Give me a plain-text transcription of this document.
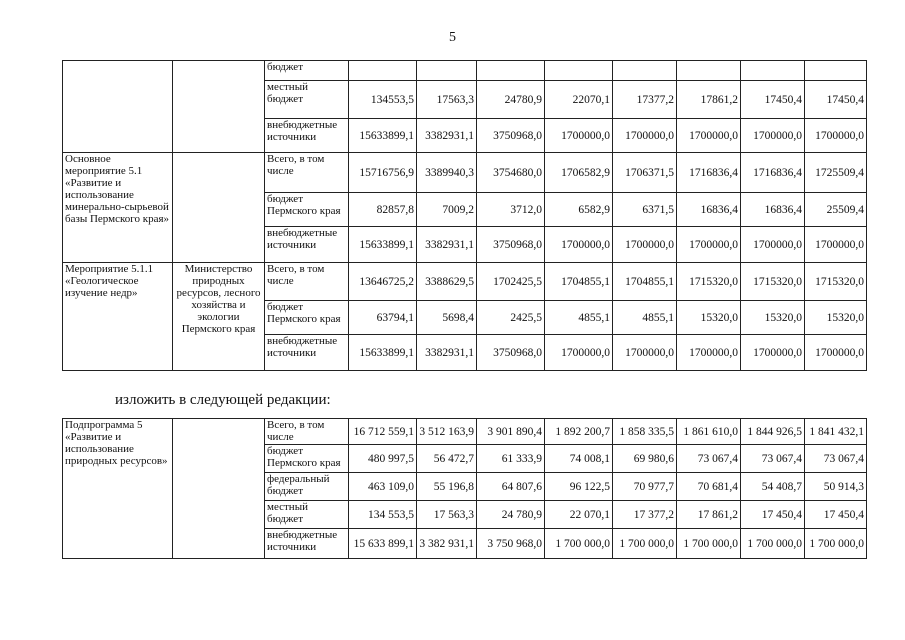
5
		бюджет								
		местный бюджет	134553,5	17563,3	24780,9	22070,1	17377,2	17861,2	17450,4	17450,4
		внебюджетные источники	15633899,1	3382931,1	3750968,0	1700000,0	1700000,0	1700000,0	1700000,0	1700000,0
Основное мероприятие 5.1 «Развитие и использование минерально-сырьевой базы Пермского края»		Всего, в том числе	15716756,9	3389940,3	3754680,0	1706582,9	1706371,5	1716836,4	1716836,4	1725509,4
		бюджет Пермского края	82857,8	7009,2	3712,0	6582,9	6371,5	16836,4	16836,4	25509,4
		внебюджетные источники	15633899,1	3382931,1	3750968,0	1700000,0	1700000,0	1700000,0	1700000,0	1700000,0
Мероприятие 5.1.1 «Геологическое изучение недр»	Министерство природных ресурсов, лесного хозяйства и экологии Пермского края	Всего, в том числе	13646725,2	3388629,5	1702425,5	1704855,1	1704855,1	1715320,0	1715320,0	1715320,0
		бюджет Пермского края	63794,1	5698,4	2425,5	4855,1	4855,1	15320,0	15320,0	15320,0
		внебюджетные источники	15633899,1	3382931,1	3750968,0	1700000,0	1700000,0	1700000,0	1700000,0	1700000,0
изложить в следующей редакции:
Подпрограмма 5 «Развитие и использование природных ресурсов»		Всего, в том числе	16 712 559,1	3 512 163,9	3 901 890,4	1 892 200,7	1 858 335,5	1 861 610,0	1 844 926,5	1 841 432,1
		бюджет Пермского края	480 997,5	56 472,7	61 333,9	74 008,1	69 980,6	73 067,4	73 067,4	73 067,4
		федеральный бюджет	463 109,0	55 196,8	64 807,6	96 122,5	70 977,7	70 681,4	54 408,7	50 914,3
		местный бюджет	134 553,5	17 563,3	24 780,9	22 070,1	17 377,2	17 861,2	17 450,4	17 450,4
		внебюджетные источники	15 633 899,1	3 382 931,1	3 750 968,0	1 700 000,0	1 700 000,0	1 700 000,0	1 700 000,0	1 700 000,0
